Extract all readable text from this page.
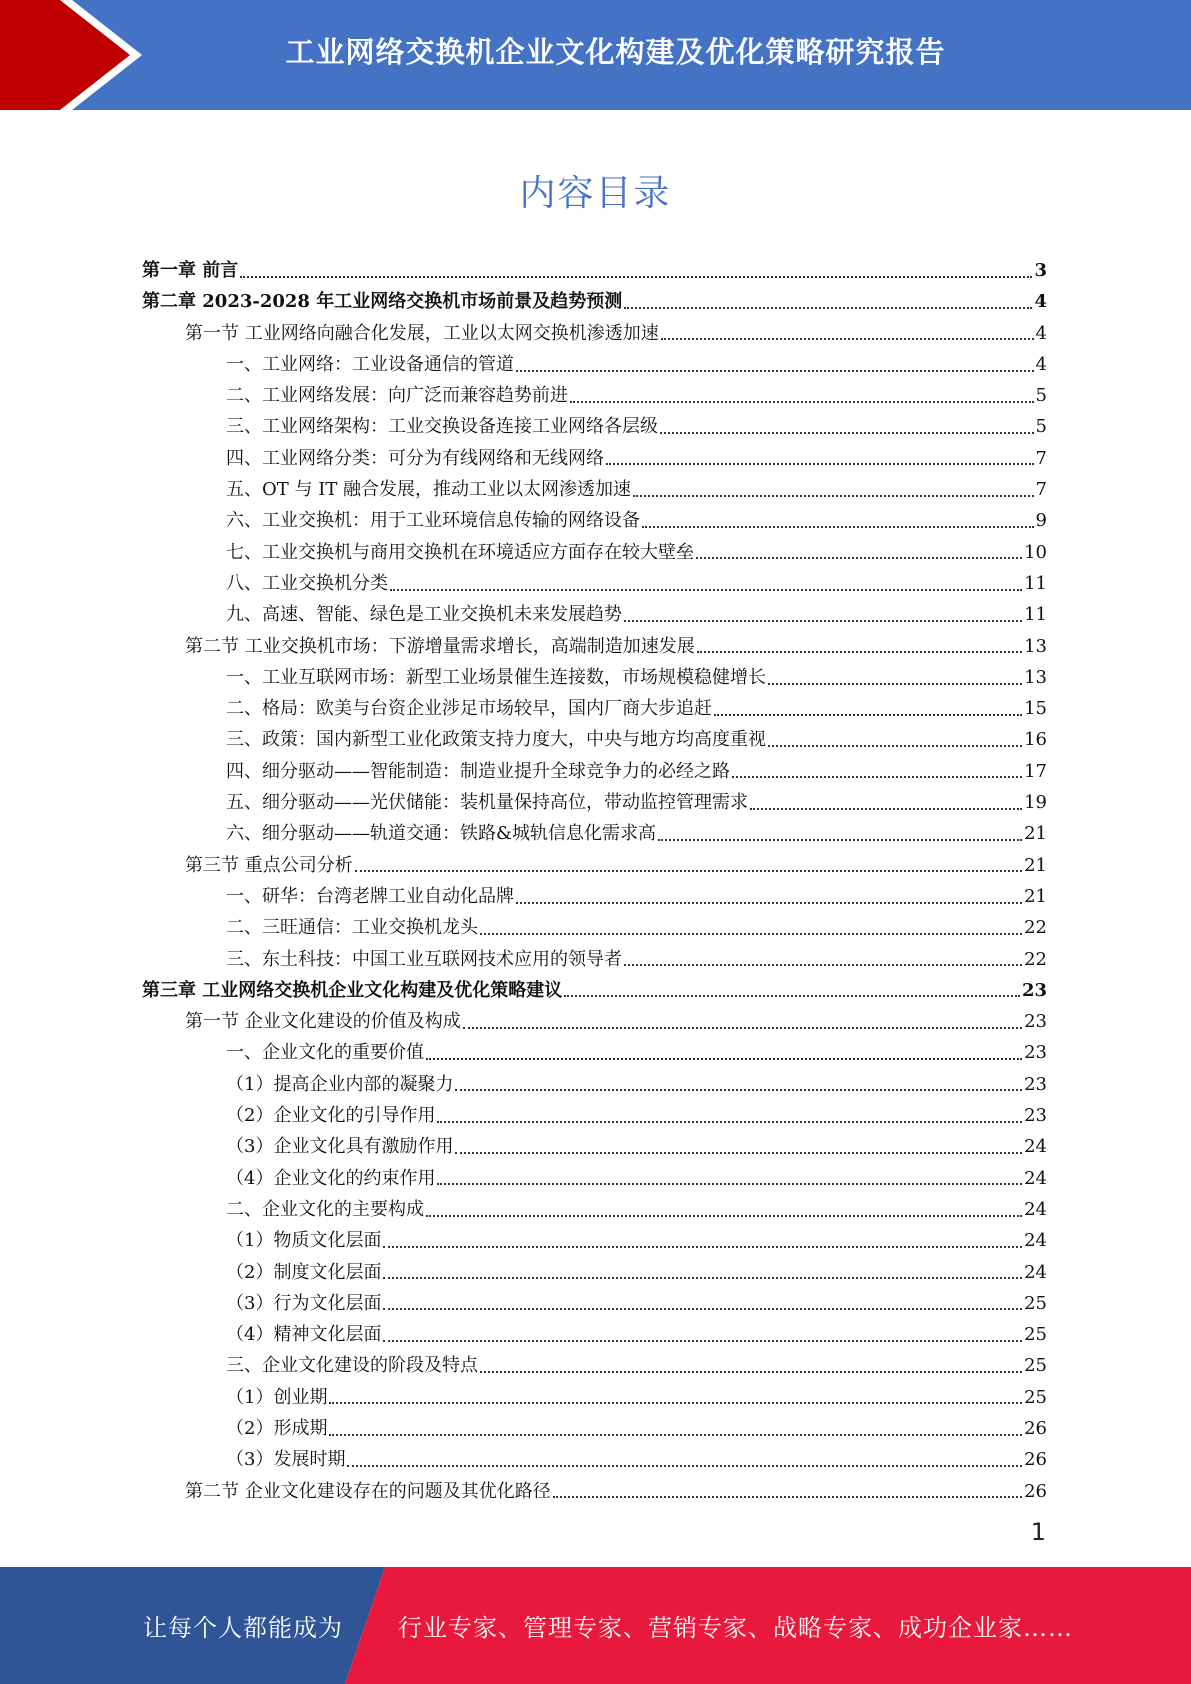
工业网络交换机企业文化构建及优化策略研究报告
内容目录
第一章 前言	3
第二章 2023-2028 年工业网络交换机市场前景及趋势预测	4
第一节 工业网络向融合化发展，工业以太网交换机渗透加速	4
一、工业网络：工业设备通信的管道	4
二、工业网络发展：向广泛而兼容趋势前进	5
三、工业网络架构：工业交换设备连接工业网络各层级	5
四、工业网络分类：可分为有线网络和无线网络	7
五、OT 与 IT 融合发展，推动工业以太网渗透加速	7
六、工业交换机：用于工业环境信息传输的网络设备	9
七、工业交换机与商用交换机在环境适应方面存在较大壁垒	10
八、工业交换机分类	11
九、高速、智能、绿色是工业交换机未来发展趋势	11
第二节 工业交换机市场：下游增量需求增长，高端制造加速发展	13
一、工业互联网市场：新型工业场景催生连接数，市场规模稳健增长	13
二、格局：欧美与台资企业涉足市场较早，国内厂商大步追赶	15
三、政策：国内新型工业化政策支持力度大，中央与地方均高度重视	16
四、细分驱动——智能制造：制造业提升全球竞争力的必经之路	17
五、细分驱动——光伏储能：装机量保持高位，带动监控管理需求	19
六、细分驱动——轨道交通：铁路&城轨信息化需求高	21
第三节 重点公司分析	21
一、研华：台湾老牌工业自动化品牌	21
二、三旺通信：工业交换机龙头	22
三、东土科技：中国工业互联网技术应用的领导者	22
第三章 工业网络交换机企业文化构建及优化策略建议	23
第一节 企业文化建设的价值及构成	23
一、企业文化的重要价值	23
（1）提高企业内部的凝聚力	23
（2）企业文化的引导作用	23
（3）企业文化具有激励作用	24
（4）企业文化的约束作用	24
二、企业文化的主要构成	24
（1）物质文化层面	24
（2）制度文化层面	24
（3）行为文化层面	25
（4）精神文化层面	25
三、企业文化建设的阶段及特点	25
（1）创业期	25
（2）形成期	26
（3）发展时期	26
第二节 企业文化建设存在的问题及其优化路径	26
1
让每个人都能成为 行业专家、管理专家、营销专家、战略专家、成功企业家……
